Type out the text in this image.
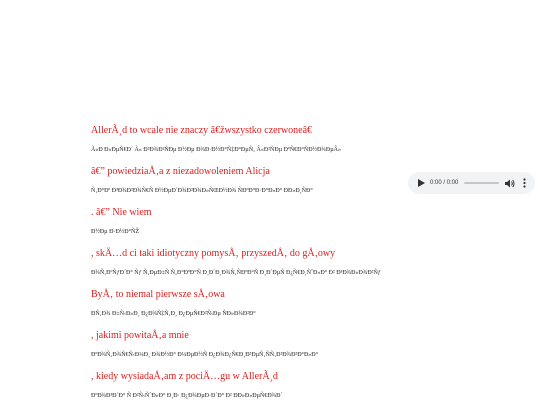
AllerÃ¸d to wcale nie znaczy â€žwszystko czerwoneâ€
Ã«Ð Ð»ÐµÑ€Ð´ Ã« Ð²Ð¾Ð²ÑÐµ Ð½Ðµ Ð¾Ð·Ð½Ð°Ñ‡Ð°ÐµÑ‚ Â«Ð²ÑÐµ ÐºÑ€Ð°ÑÐ½Ð¾ÐµÂ»
â€” powiedziaÅ‚a z niezadowoleniem Alicja
Ñ‚Ð°Ðº Ð³Ð¾Ð²Ð¾Ñ€Ñ Ð½ÐµÐ´Ð¾Ð²Ð¾Ð»ÑŒÐ½Ð¾ ÑÐºÐ°Ð·Ð°Ð»Ð° ÐÐ»Ð¸ÑÐ°
. â€” Nie wiem
Ð½Ðµ Ð·Ð½Ð°ÑŽ
, skÄ…d ci taki idiotyczny pomysÅ‚ przyszedÅ‚ do gÅ‚owy
Ð¾Ñ‚ÐºÑƒÐ´Ð° Ñƒ Ñ‚ÐµÐ±Ñ Ñ‚Ð°ÐºÐ°Ñ Ð¸Ð´Ð¸Ð¾Ñ‚ÑÐºÐ°Ñ Ð¸Ð´ÐµÑ Ð¿Ñ€Ð¸ÑˆÐ»Ð° Ð² Ð³Ð¾Ð»Ð¾Ð²Ñƒ
ByÅ‚ to niemal pierwsze sÅ‚owa
ÐÑ‚Ð¾ Ð±Ñ‹Ð»Ð¸ Ð¿Ð¾Ñ‡Ñ‚Ð¸ Ð¿ÐµÑ€Ð²Ñ‹Ðµ ÑÐ»Ð¾Ð²Ð°
, jakimi powitaÅ‚a mnie
ÐºÐ¾Ñ‚Ð¾Ñ€Ñ‹Ð¼Ð¸ Ð¾Ð½Ð° Ð¼ÐµÐ½Ñ Ð¿Ð¾Ð¿Ñ€Ð¸Ð²ÐµÑ‚ÑÑ‚Ð²Ð¾Ð²Ð°Ð»Ð°
, kiedy wysiadaÅ‚am z pociÄ…gu w AllerÃ¸d
ÐºÐ¾Ð³Ð´Ð° Ñ Ð²Ñ‹ÑˆÐ»Ð° Ð¸Ð· Ð¿Ð¾ÐµÐ·Ð´Ð° Ð² ÐÐ»Ð»ÐµÑ€Ð¾Ð´
0:00 / 0:00
